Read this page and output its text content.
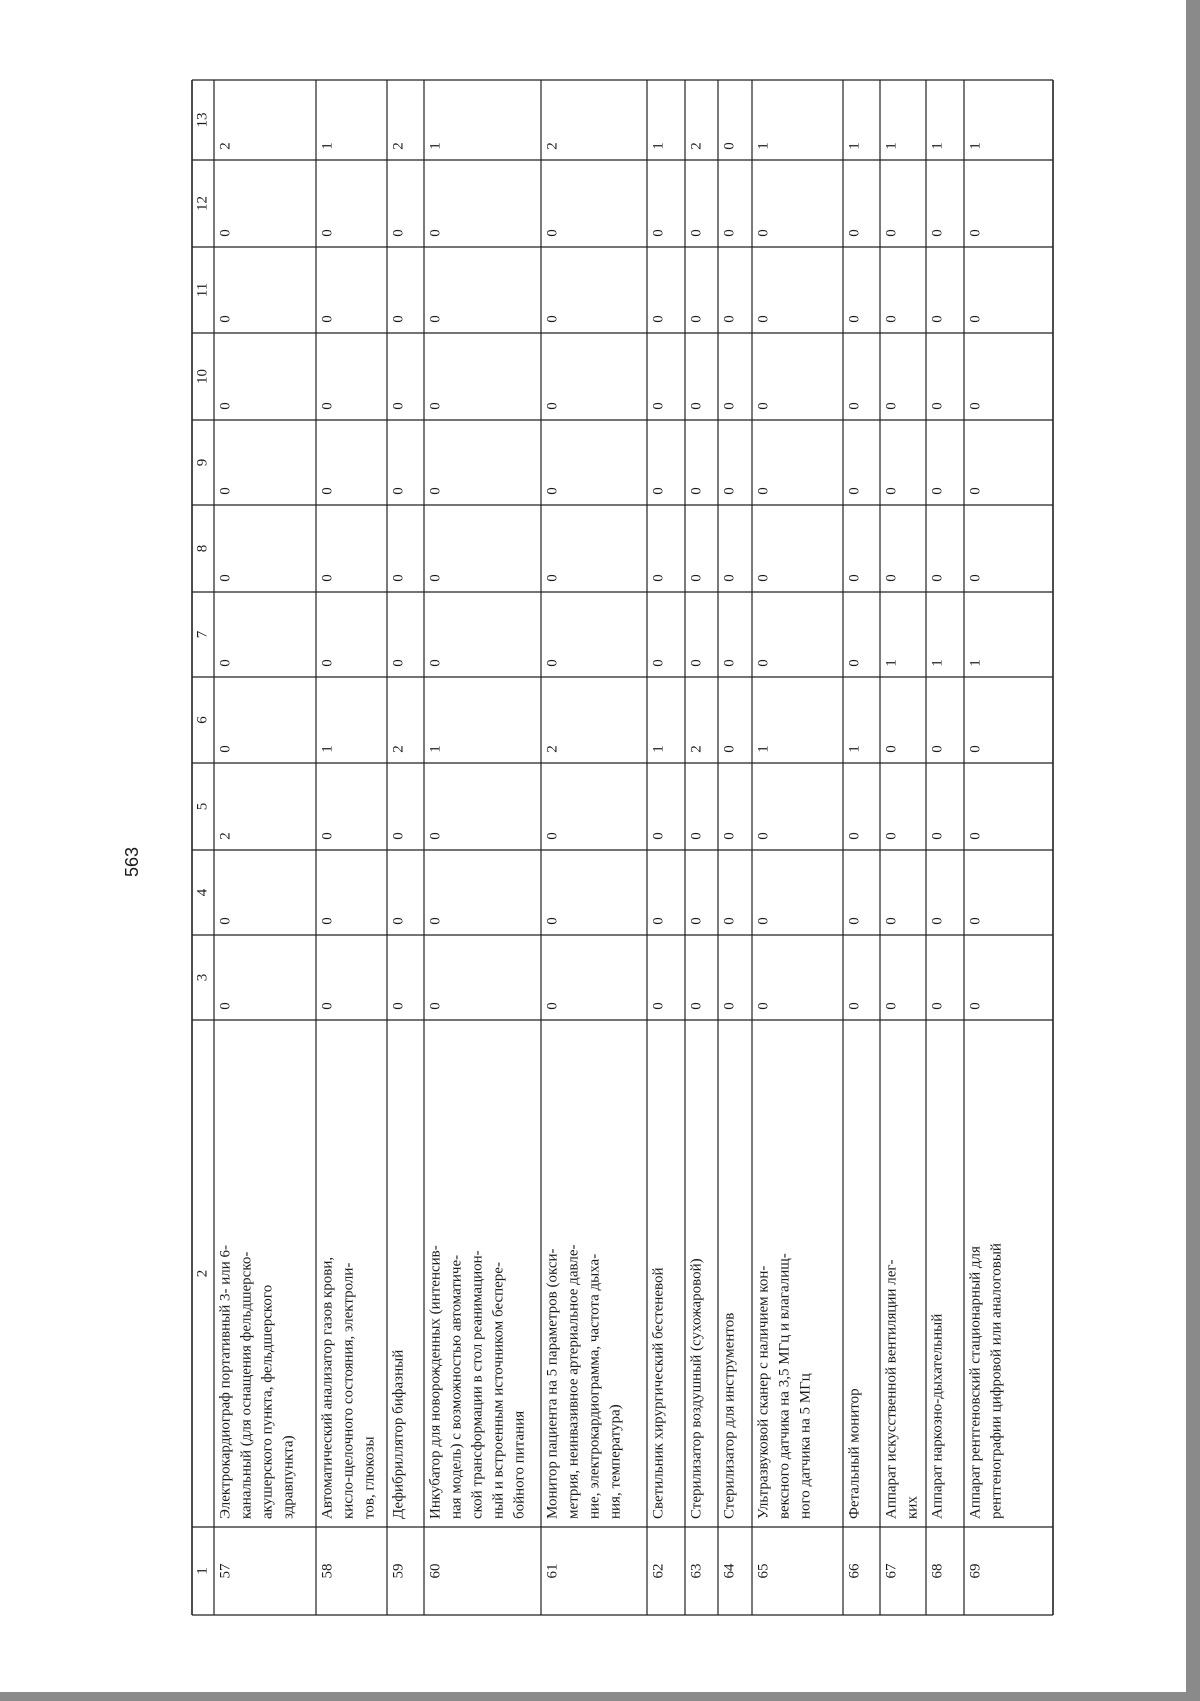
563
1
2
3
4
5
6
7
8
9
10
11
12
13
57
Электрокардиограф портативный 3- или 6- канальный (для оснащения фельдшерско- акушерского пункта, фельдшерского здравпункта)
0
0
2
0
0
0
0
0
0
0
2
58
Автоматический анализатор газов крови, кисло-щелочного состояния, электроли- тов, глюкозы
0
0
0
1
0
0
0
0
0
0
1
59
Дефибриллятор бифазный
0
0
0
2
0
0
0
0
0
0
2
60
Инкубатор для новорожденных (интенсив- ная модель) с возможностью автоматиче- ской трансформации в стол реанимацион- ный и встроенным источником беспере- бойного питания
0
0
0
1
0
0
0
0
0
0
1
61
Монитор пациента на 5 параметров (окси- метрия, неинвазивное артериальное давле- ние, электрокардиограмма, частота дыха- ния, температура)
0
0
0
2
0
0
0
0
0
0
2
62
Светильник хирургический бестеневой
0
0
0
1
0
0
0
0
0
0
1
63
Стерилизатор воздушный (сухожаровой)
0
0
0
2
0
0
0
0
0
0
2
64
Стерилизатор для инструментов
0
0
0
0
0
0
0
0
0
0
0
65
Ультразвуковой сканер с наличием кон- вексного датчика на 3,5 МГц и влагалищ- ного датчика на 5 МГц
0
0
0
1
0
0
0
0
0
0
1
66
Фетальный монитор
0
0
0
1
0
0
0
0
0
0
1
67
Аппарат искусственной вентиляции лег- ких
0
0
0
0
1
0
0
0
0
0
1
68
Аппарат наркозно-дыхательный
0
0
0
0
1
0
0
0
0
0
1
69
Аппарат рентгеновский стационарный для рентгенографии цифровой или аналоговый
0
0
0
0
1
0
0
0
0
0
1
